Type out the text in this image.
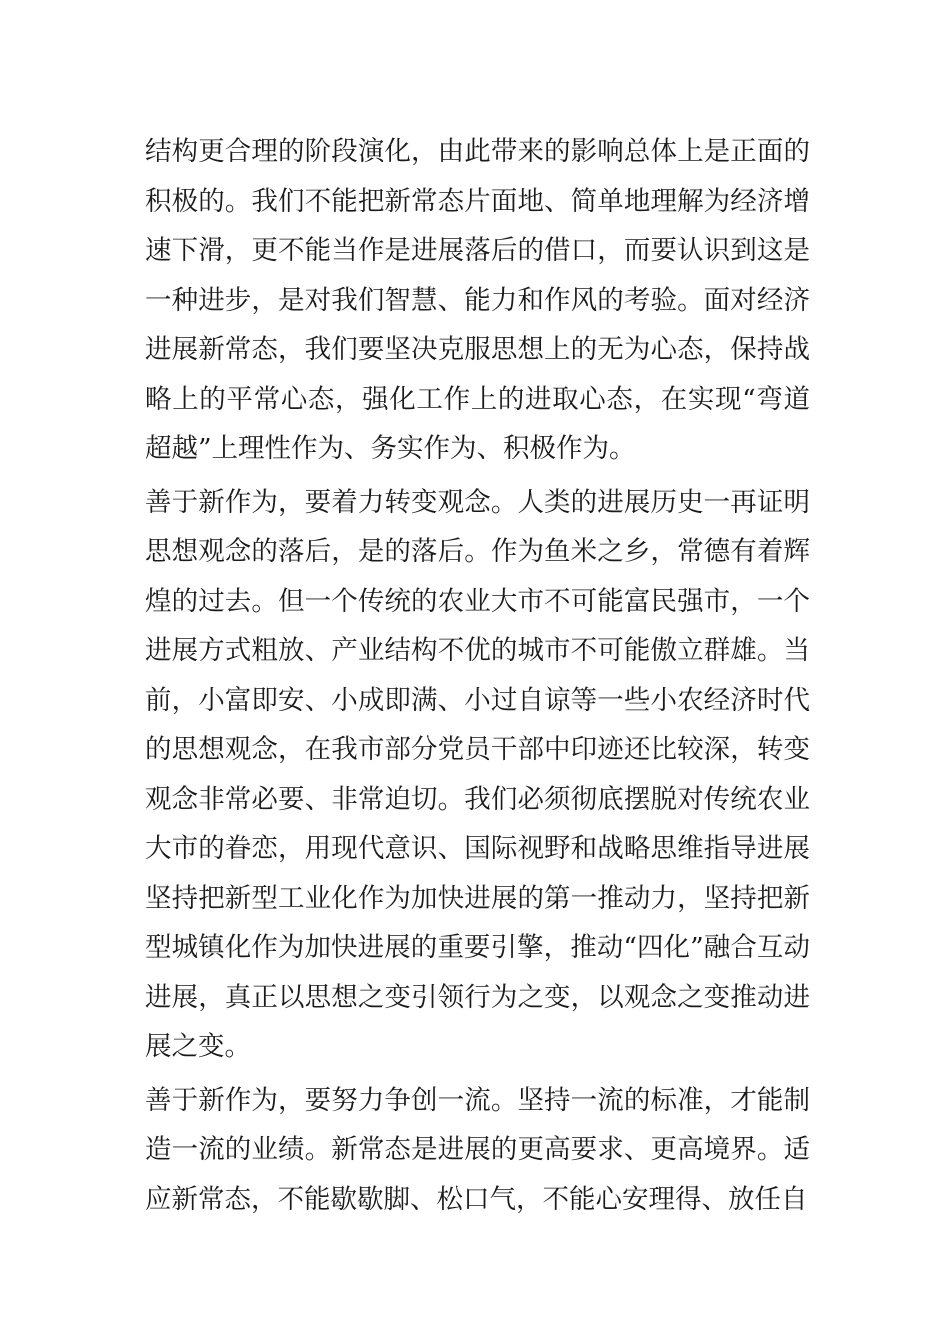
结构更合理的阶段演化，由此带来的影响总体上是正面的积极的。我们不能把新常态片面地、简单地理解为经济增速下滑，更不能当作是进展落后的借口，而要认识到这是一种进步，是对我们智慧、能力和作风的考验。面对经济进展新常态，我们要坚决克服思想上的无为心态，保持战略上的平常心态，强化工作上的进取心态，在实现“弯道超越”上理性作为、务实作为、积极作为。

善于新作为，要着力转变观念。人类的进展历史一再证明思想观念的落后，是的落后。作为鱼米之乡，常德有着辉煌的过去。但一个传统的农业大市不可能富民强市，一个进展方式粗放、产业结构不优的城市不可能傲立群雄。当前，小富即安、小成即满、小过自谅等一些小农经济时代的思想观念，在我市部分党员干部中印迹还比较深，转变观念非常必要、非常迫切。我们必须彻底摆脱对传统农业大市的眷恋，用现代意识、国际视野和战略思维指导进展坚持把新型工业化作为加快进展的第一推动力，坚持把新型城镇化作为加快进展的重要引擎，推动“四化”融合互动进展，真正以思想之变引领行为之变，以观念之变推动进展之变。

善于新作为，要努力争创一流。坚持一流的标准，才能制造一流的业绩。新常态是进展的更高要求、更高境界。适应新常态，不能歇歇脚、松口气，不能心安理得、放任自
